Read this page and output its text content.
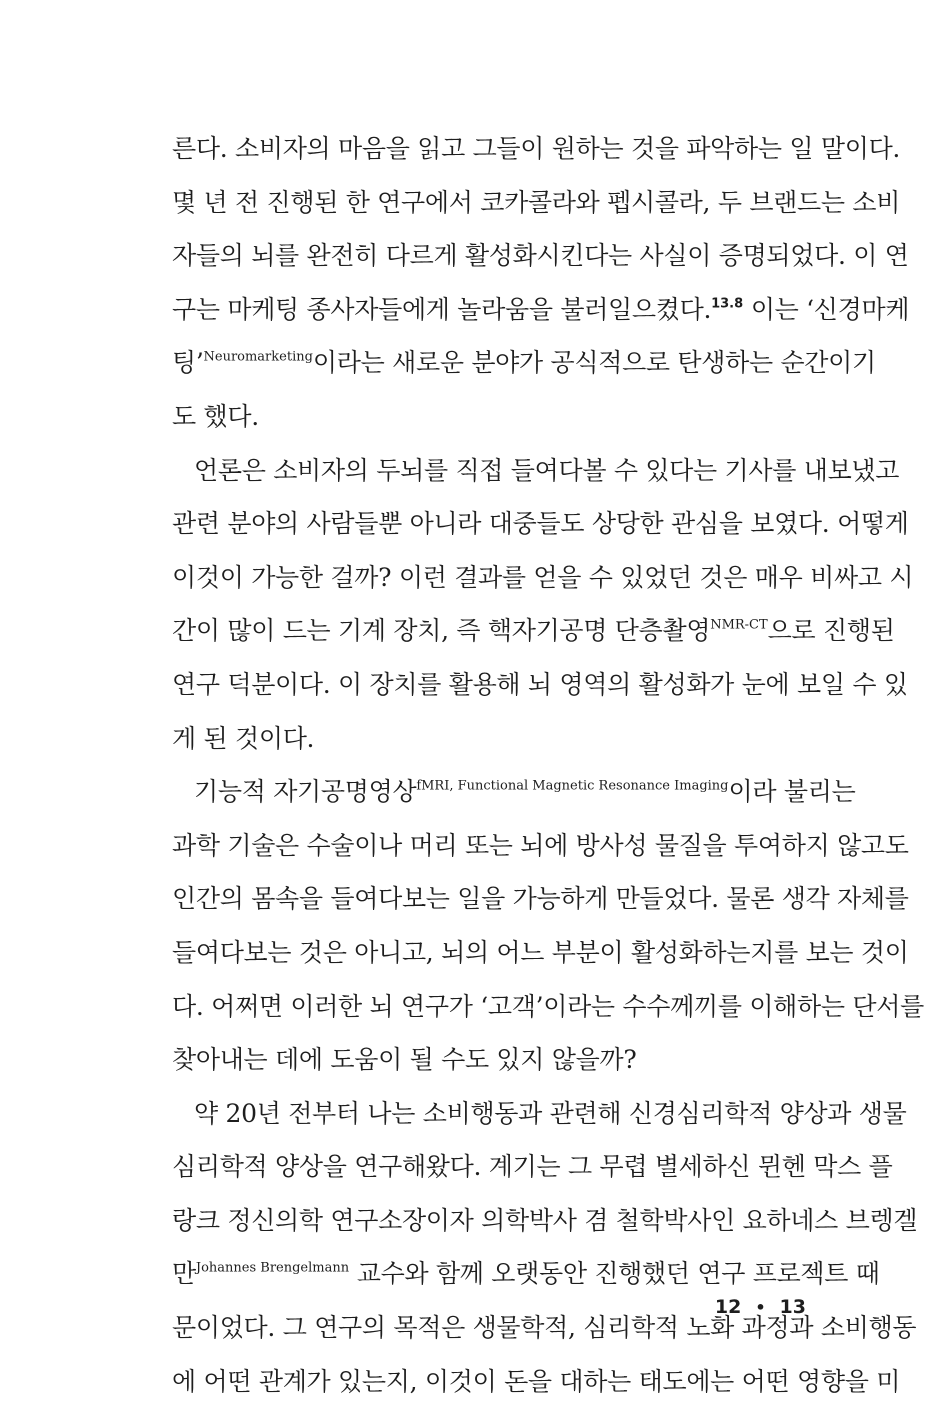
른다. 소비자의 마음을 읽고 그들이 원하는 것을 파악하는 일 말이다.
몇 년 전 진행된 한 연구에서 코카콜라와 펩시콜라, 두 브랜드는 소비
자들의 뇌를 완전히 다르게 활성화시킨다는 사실이 증명되었다. 이 연
구는 마케팅 종사자들에게 놀라움을 불러일으켰다.$^{13.8}$ 이는 ‘신경마케
팅’$^{Neuromarketing}$이라는 새로운 분야가 공식적으로 탄생하는 순간이기
도 했다.
언론은 소비자의 두뇌를 직접 들여다볼 수 있다는 기사를 내보냈고
관련 분야의 사람들뿐 아니라 대중들도 상당한 관심을 보였다. 어떻게
이것이 가능한 걸까? 이런 결과를 얻을 수 있었던 것은 매우 비싸고 시
간이 많이 드는 기계 장치, 즉 핵자기공명 단층촬영$^{NMR-CT}$으로 진행된
연구 덕분이다. 이 장치를 활용해 뇌 영역의 활성화가 눈에 보일 수 있
게 된 것이다.
기능적 자기공명영상$^{fMRI, Functional Magnetic Resonance Imaging}$이라 불리는
과학 기술은 수술이나 머리 또는 뇌에 방사성 물질을 투여하지 않고도
인간의 몸속을 들여다보는 일을 가능하게 만들었다. 물론 생각 자체를
들여다보는 것은 아니고, 뇌의 어느 부분이 활성화하는지를 보는 것이
다. 어쩌면 이러한 뇌 연구가 ‘고객’이라는 수수께끼를 이해하는 단서를
찾아내는 데에 도움이 될 수도 있지 않을까?
약 20년 전부터 나는 소비행동과 관련해 신경심리학적 양상과 생물
심리학적 양상을 연구해왔다. 계기는 그 무렵 별세하신 뮌헨 막스 플
랑크 정신의학 연구소장이자 의학박사 겸 철학박사인 요하네스 브렝겔
만$^{Johannes Brengelmann}$ 교수와 함께 오랫동안 진행했던 연구 프로젝트 때
문이었다. 그 연구의 목적은 생물학적, 심리학적 노화 과정과 소비행동
에 어떤 관계가 있는지, 이것이 돈을 대하는 태도에는 어떤 영향을 미
12 • 13
